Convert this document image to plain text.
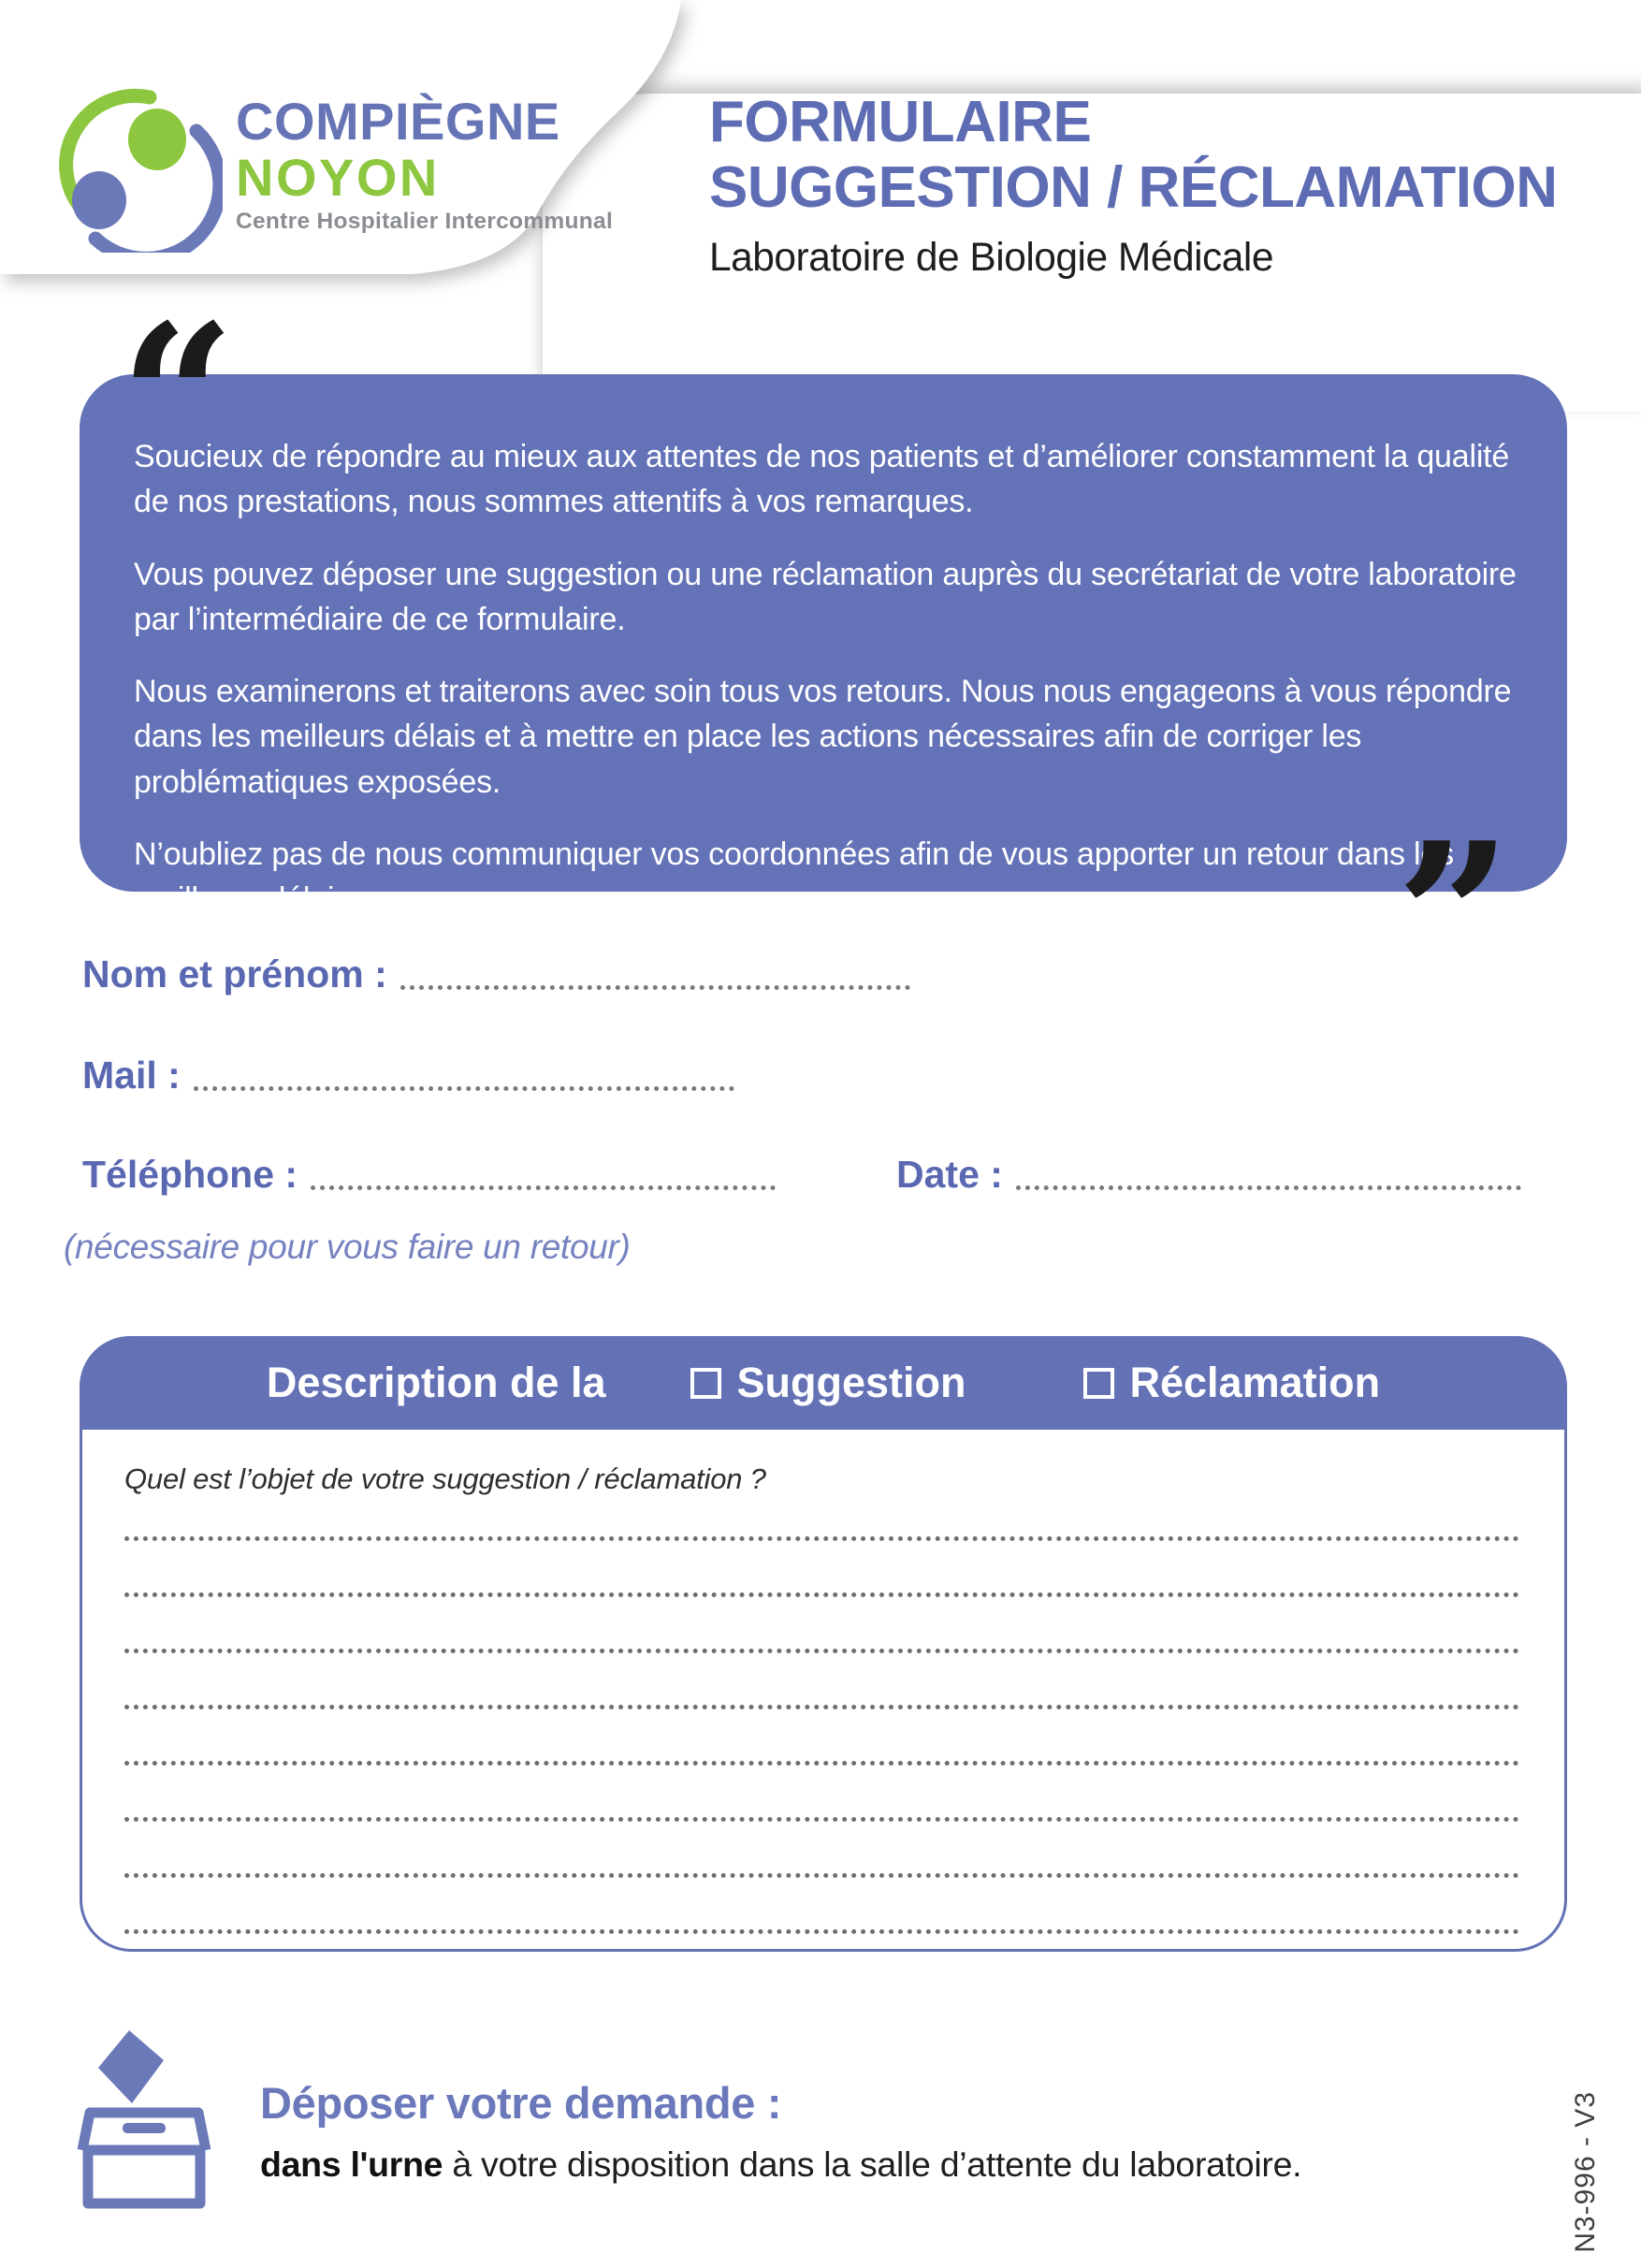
COMPIÈGNE
NOYON
Centre Hospitalier Intercommunal
FORMULAIRE
SUGGESTION / RÉCLAMATION
Laboratoire de Biologie Médicale
“

Soucieux de répondre au mieux aux attentes de nos patients et d’améliorer constamment la qualité de nos prestations, nous sommes attentifs à vos remarques.

Vous pouvez déposer une suggestion ou une réclamation auprès du secrétariat de votre laboratoire par l’intermédiaire de ce formulaire.

Nous examinerons et traiterons avec soin tous vos retours. Nous nous engageons à vous répondre dans les meilleurs délais et à mettre en place les actions nécessaires afin de corriger les problématiques exposées.

N’oubliez pas de nous communiquer vos coordonnées afin de vous apporter un retour dans les meilleurs délais.	”
Nom et prénom :
Mail :
Téléphone :	Date :
(nécessaire pour vous faire un retour)
Description de la	Suggestion	Réclamation
Quel est l’objet de votre suggestion / réclamation ?
Déposer votre demande :
dans l'urne à votre disposition dans la salle d’attente du laboratoire.	N3-996 - V3
